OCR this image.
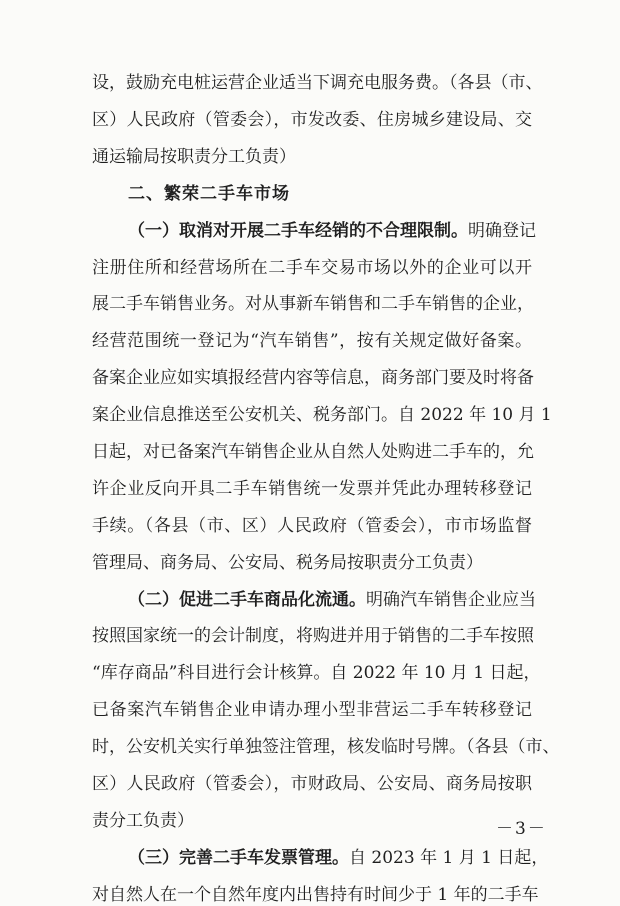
设，鼓励充电桩运营企业适当下调充电服务费。（各县（市、
区）人民政府（管委会），市发改委、住房城乡建设局、交
通运输局按职责分工负责）
二、繁荣二手车市场
（一）取消对开展二手车经销的不合理限制。明确登记
注册住所和经营场所在二手车交易市场以外的企业可以开
展二手车销售业务。对从事新车销售和二手车销售的企业，
经营范围统一登记为“汽车销售”，按有关规定做好备案。
备案企业应如实填报经营内容等信息，商务部门要及时将备
案企业信息推送至公安机关、税务部门。自 2022 年 10 月 1
日起，对已备案汽车销售企业从自然人处购进二手车的，允
许企业反向开具二手车销售统一发票并凭此办理转移登记
手续。（各县（市、区）人民政府（管委会），市市场监督
管理局、商务局、公安局、税务局按职责分工负责）
（二）促进二手车商品化流通。明确汽车销售企业应当
按照国家统一的会计制度，将购进并用于销售的二手车按照
“库存商品”科目进行会计核算。自 2022 年 10 月 1 日起，
已备案汽车销售企业申请办理小型非营运二手车转移登记
时，公安机关实行单独签注管理，核发临时号牌。（各县（市、
区）人民政府（管委会），市财政局、公安局、商务局按职
责分工负责）
（三）完善二手车发票管理。自 2023 年 1 月 1 日起，
对自然人在一个自然年度内出售持有时间少于 1 年的二手车
－3－
